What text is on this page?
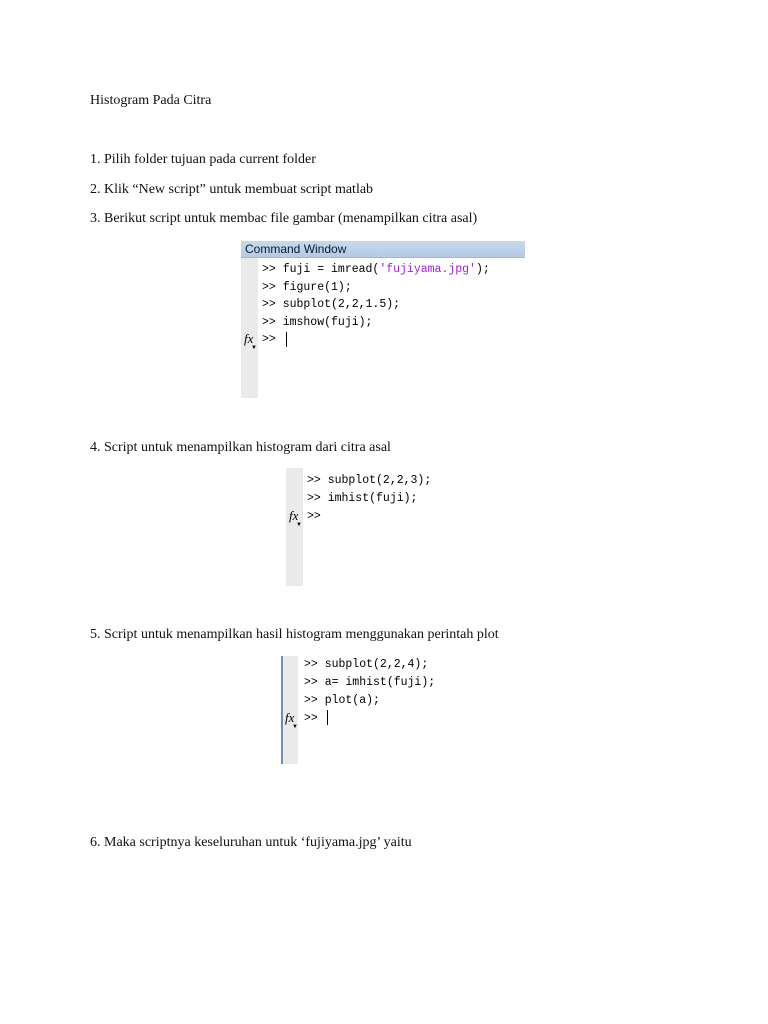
Histogram Pada Citra
1. Pilih folder tujuan pada current folder
2. Klik “New script” untuk membuat script matlab
3. Berikut script untuk membac file gambar (menampilkan citra asal)
Command Window
>> fuji = imread('fujiyama.jpg');
>> figure(1);
>> subplot(2,2,1.5);
>> imshow(fuji);
fx
▼
>>
4. Script untuk menampilkan histogram dari citra asal
>> subplot(2,2,3);
>> imhist(fuji);
fx
▼
>>
5. Script untuk menampilkan hasil histogram menggunakan perintah plot
>> subplot(2,2,4);
>> a= imhist(fuji);
>> plot(a);
fx
▼
>>
6. Maka scriptnya keseluruhan untuk ‘fujiyama.jpg’ yaitu
